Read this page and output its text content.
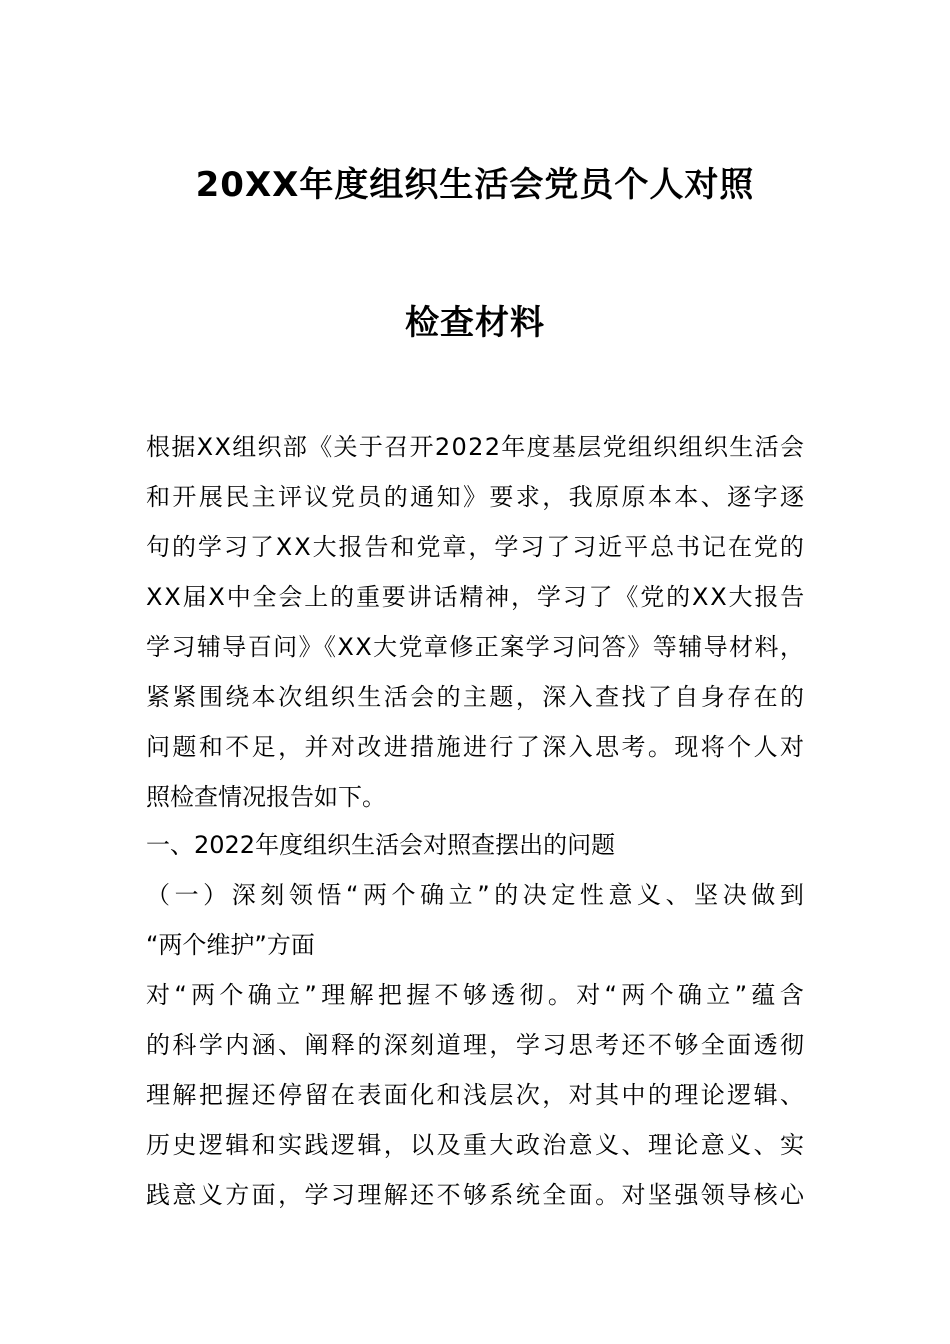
20XX年度组织生活会党员个人对照
检查材料
根据XX组织部《关于召开2022年度基层党组织组织生活会
和开展民主评议党员的通知》要求，我原原本本、逐字逐
句的学习了XX大报告和党章，学习了习近平总书记在党的
XX届X中全会上的重要讲话精神，学习了《党的XX大报告
学习辅导百问》《XX大党章修正案学习问答》等辅导材料，
紧紧围绕本次组织生活会的主题，深入查找了自身存在的
问题和不足，并对改进措施进行了深入思考。现将个人对
照检查情况报告如下。
一、2022年度组织生活会对照查摆出的问题
（一）深刻领悟“两个确立”的决定性意义、坚决做到
“两个维护”方面
对“两个确立”理解把握不够透彻。对“两个确立”蕴含
的科学内涵、阐释的深刻道理，学习思考还不够全面透彻
理解把握还停留在表面化和浅层次，对其中的理论逻辑、
历史逻辑和实践逻辑，以及重大政治意义、理论意义、实
践意义方面，学习理解还不够系统全面。对坚强领导核心
